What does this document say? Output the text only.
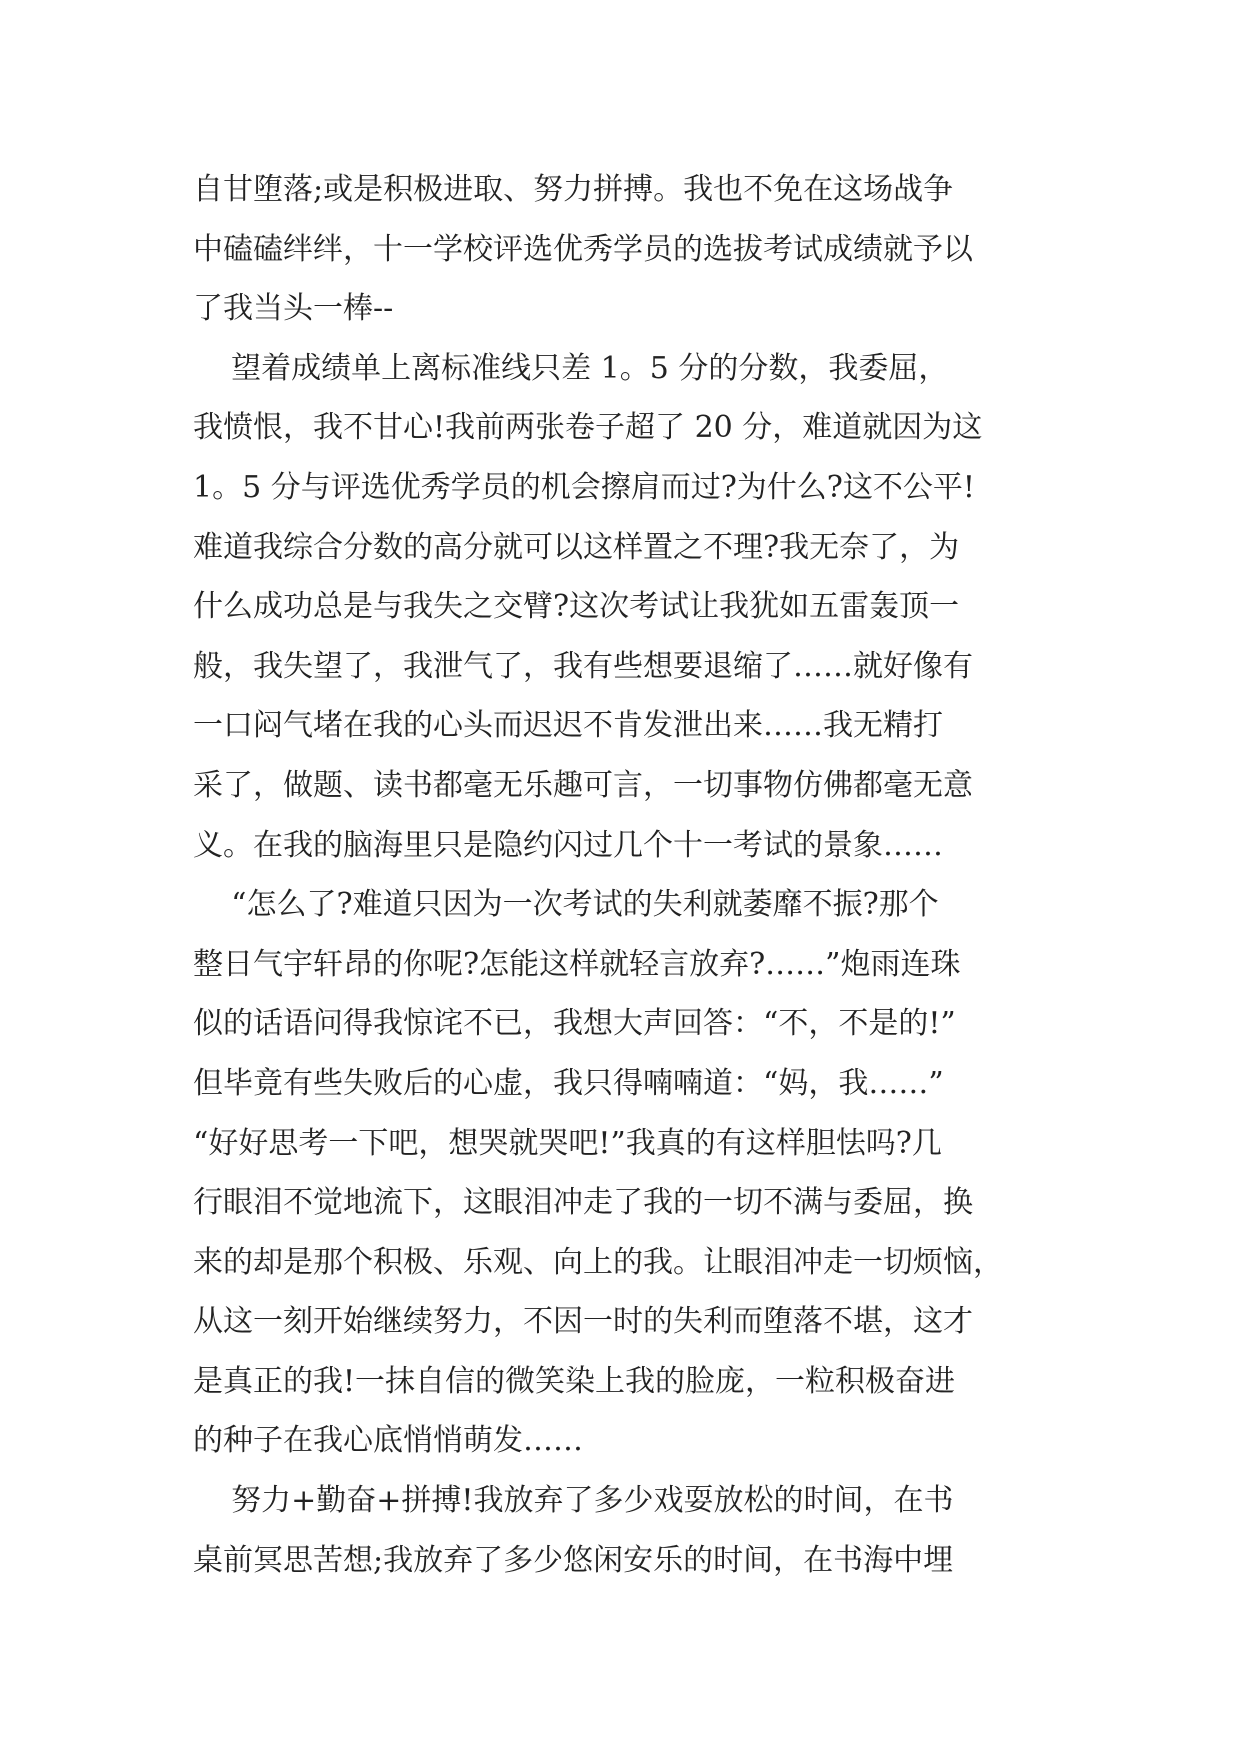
自甘堕落;或是积极进取、努力拼搏。我也不免在这场战争
中磕磕绊绊，十一学校评选优秀学员的选拔考试成绩就予以
了我当头一棒--
望着成绩单上离标准线只差 1。5 分的分数，我委屈，
我愤恨，我不甘心!我前两张卷子超了 20 分，难道就因为这
1。5 分与评选优秀学员的机会擦肩而过?为什么?这不公平!
难道我综合分数的高分就可以这样置之不理?我无奈了，为
什么成功总是与我失之交臂?这次考试让我犹如五雷轰顶一
般，我失望了，我泄气了，我有些想要退缩了……就好像有
一口闷气堵在我的心头而迟迟不肯发泄出来……我无精打
采了，做题、读书都毫无乐趣可言，一切事物仿佛都毫无意
义。在我的脑海里只是隐约闪过几个十一考试的景象……
“怎么了?难道只因为一次考试的失利就萎靡不振?那个
整日气宇轩昂的你呢?怎能这样就轻言放弃?……”炮雨连珠
似的话语问得我惊诧不已，我想大声回答：“不，不是的!”
但毕竟有些失败后的心虚，我只得喃喃道：“妈，我……”
“好好思考一下吧，想哭就哭吧!”我真的有这样胆怯吗?几
行眼泪不觉地流下，这眼泪冲走了我的一切不满与委屈，换
来的却是那个积极、乐观、向上的我。让眼泪冲走一切烦恼，
从这一刻开始继续努力，不因一时的失利而堕落不堪，这才
是真正的我!一抹自信的微笑染上我的脸庞，一粒积极奋进
的种子在我心底悄悄萌发……
努力+勤奋+拼搏!我放弃了多少戏耍放松的时间，在书
桌前冥思苦想;我放弃了多少悠闲安乐的时间，在书海中埋
